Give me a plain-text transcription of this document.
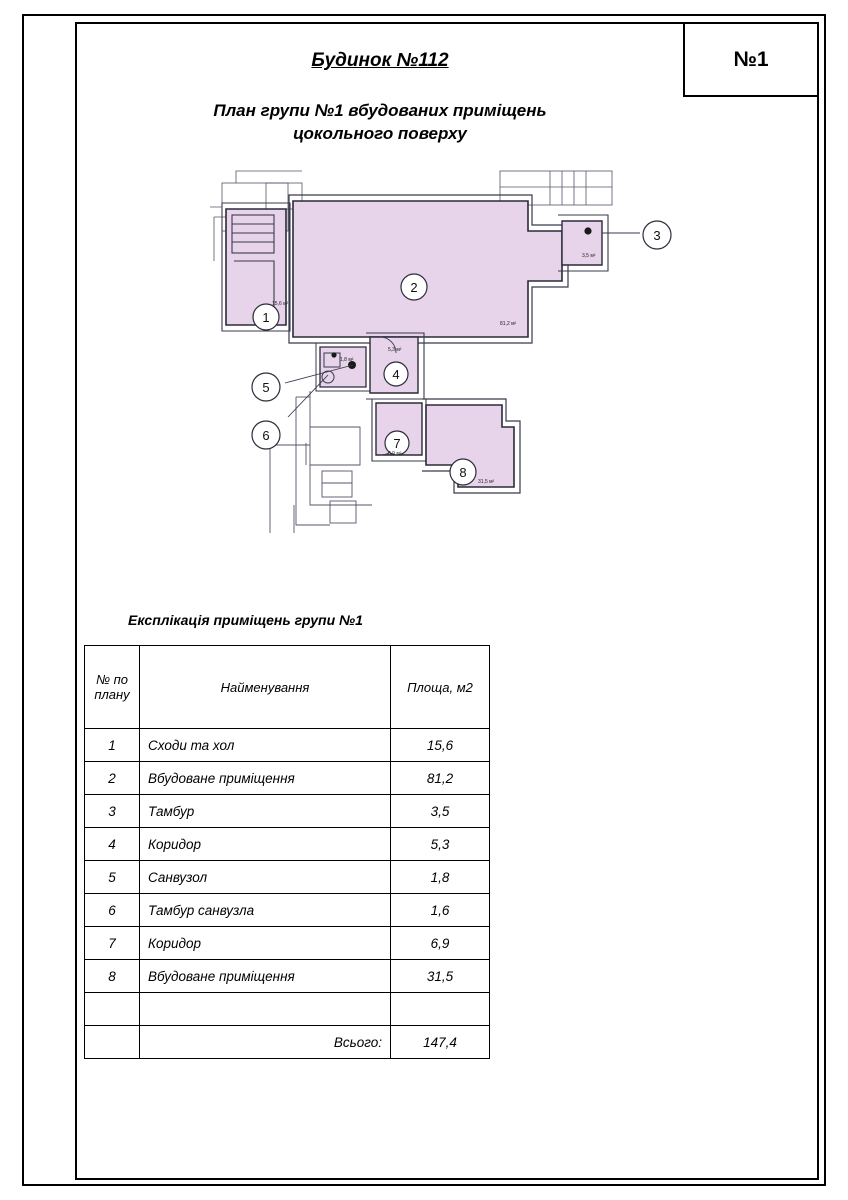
№1
Будинок №112
План групи №1 вбудованих приміщень
цокольного поверху
1
2
3
4
5
6
7
8
15,6 м²
81,2 м²
3,5 м²
5,3 м²
1,8 м²
6,9 м²
31,5 м²
Експлікація приміщень групи №1
№ по
плану	Найменування	Площа, м2
1	Сходи та хол	15,6
2	Вбудоване приміщення	81,2
3	Тамбур	3,5
4	Коридор	5,3
5	Санвузол	1,8
6	Тамбур санвузла	1,6
7	Коридор	6,9
8	Вбудоване приміщення	31,5

	Всього:	147,4
